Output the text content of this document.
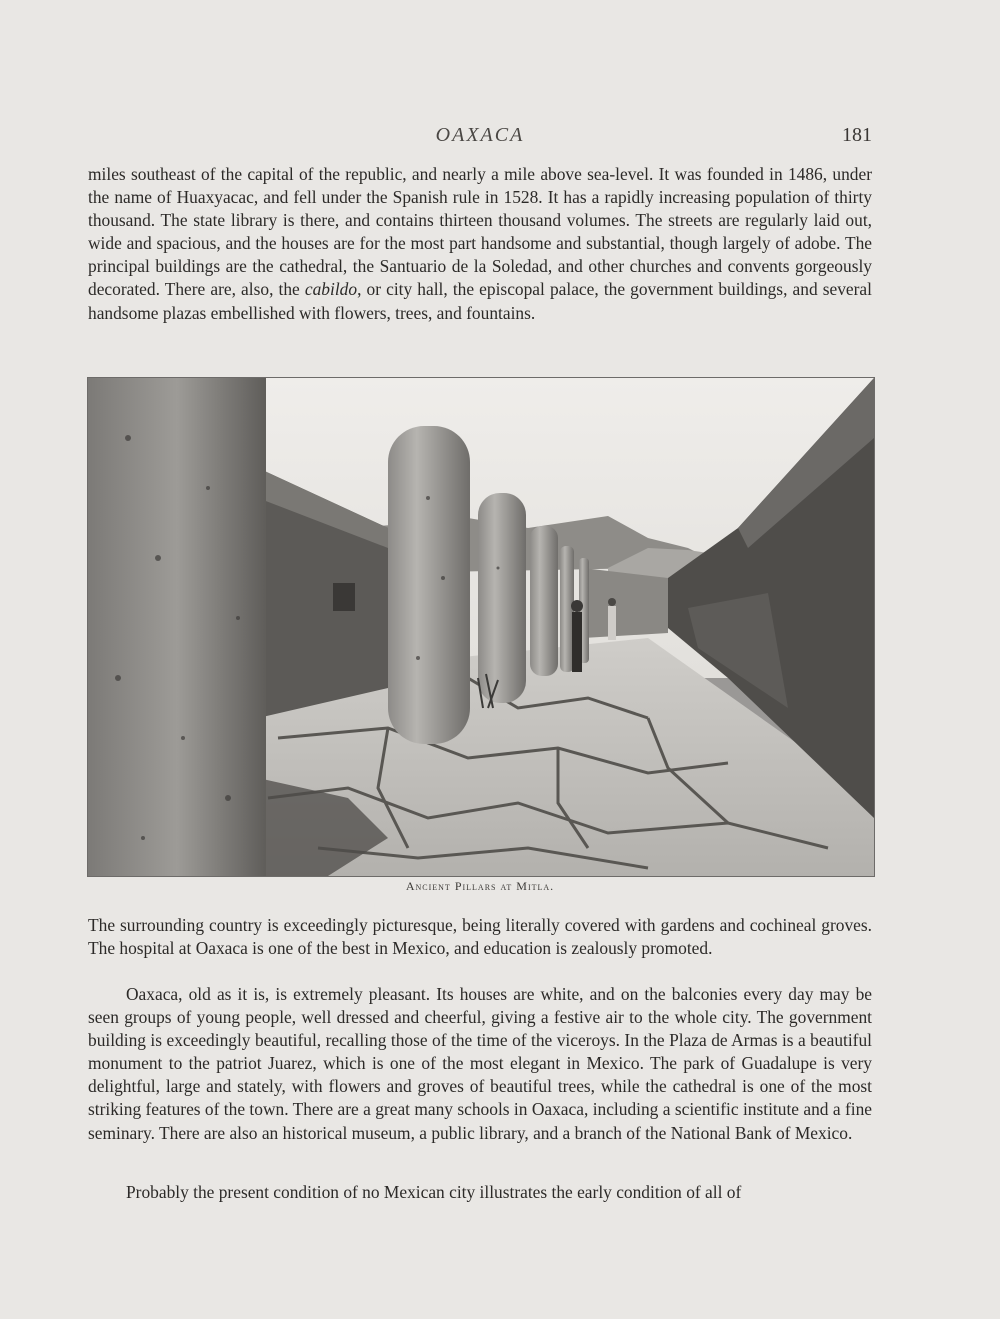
OAXACA	181

miles southeast of the capital of the republic, and nearly a mile above sea-level. It was founded in 1486, under the name of Huaxyacac, and fell under the Spanish rule in 1528. It has a rapidly increasing population of thirty thousand. The state library is there, and contains thirteen thousand volumes. The streets are regularly laid out, wide and spacious, and the houses are for the most part handsome and substantial, though largely of adobe. The principal buildings are the cathedral, the Santuario de la Soledad, and other churches and convents gorgeously decorated. There are, also, the cabildo, or city hall, the episcopal palace, the government buildings, and several handsome plazas embellished with flowers, trees, and fountains.

Ancient Pillars at Mitla.

The surrounding country is exceedingly picturesque, being literally covered with gardens and cochineal groves. The hospital at Oaxaca is one of the best in Mexico, and education is zealously promoted.

Oaxaca, old as it is, is extremely pleasant. Its houses are white, and on the balconies every day may be seen groups of young people, well dressed and cheerful, giving a festive air to the whole city. The government building is exceedingly beautiful, recalling those of the time of the viceroys. In the Plaza de Armas is a beautiful monument to the patriot Juarez, which is one of the most elegant in Mexico. The park of Guadalupe is very delightful, large and stately, with flowers and groves of beautiful trees, while the cathedral is one of the most striking features of the town. There are a great many schools in Oaxaca, including a scientific institute and a fine seminary. There are also an historical museum, a public library, and a branch of the National Bank of Mexico.

Probably the present condition of no Mexican city illustrates the early condition of all of
